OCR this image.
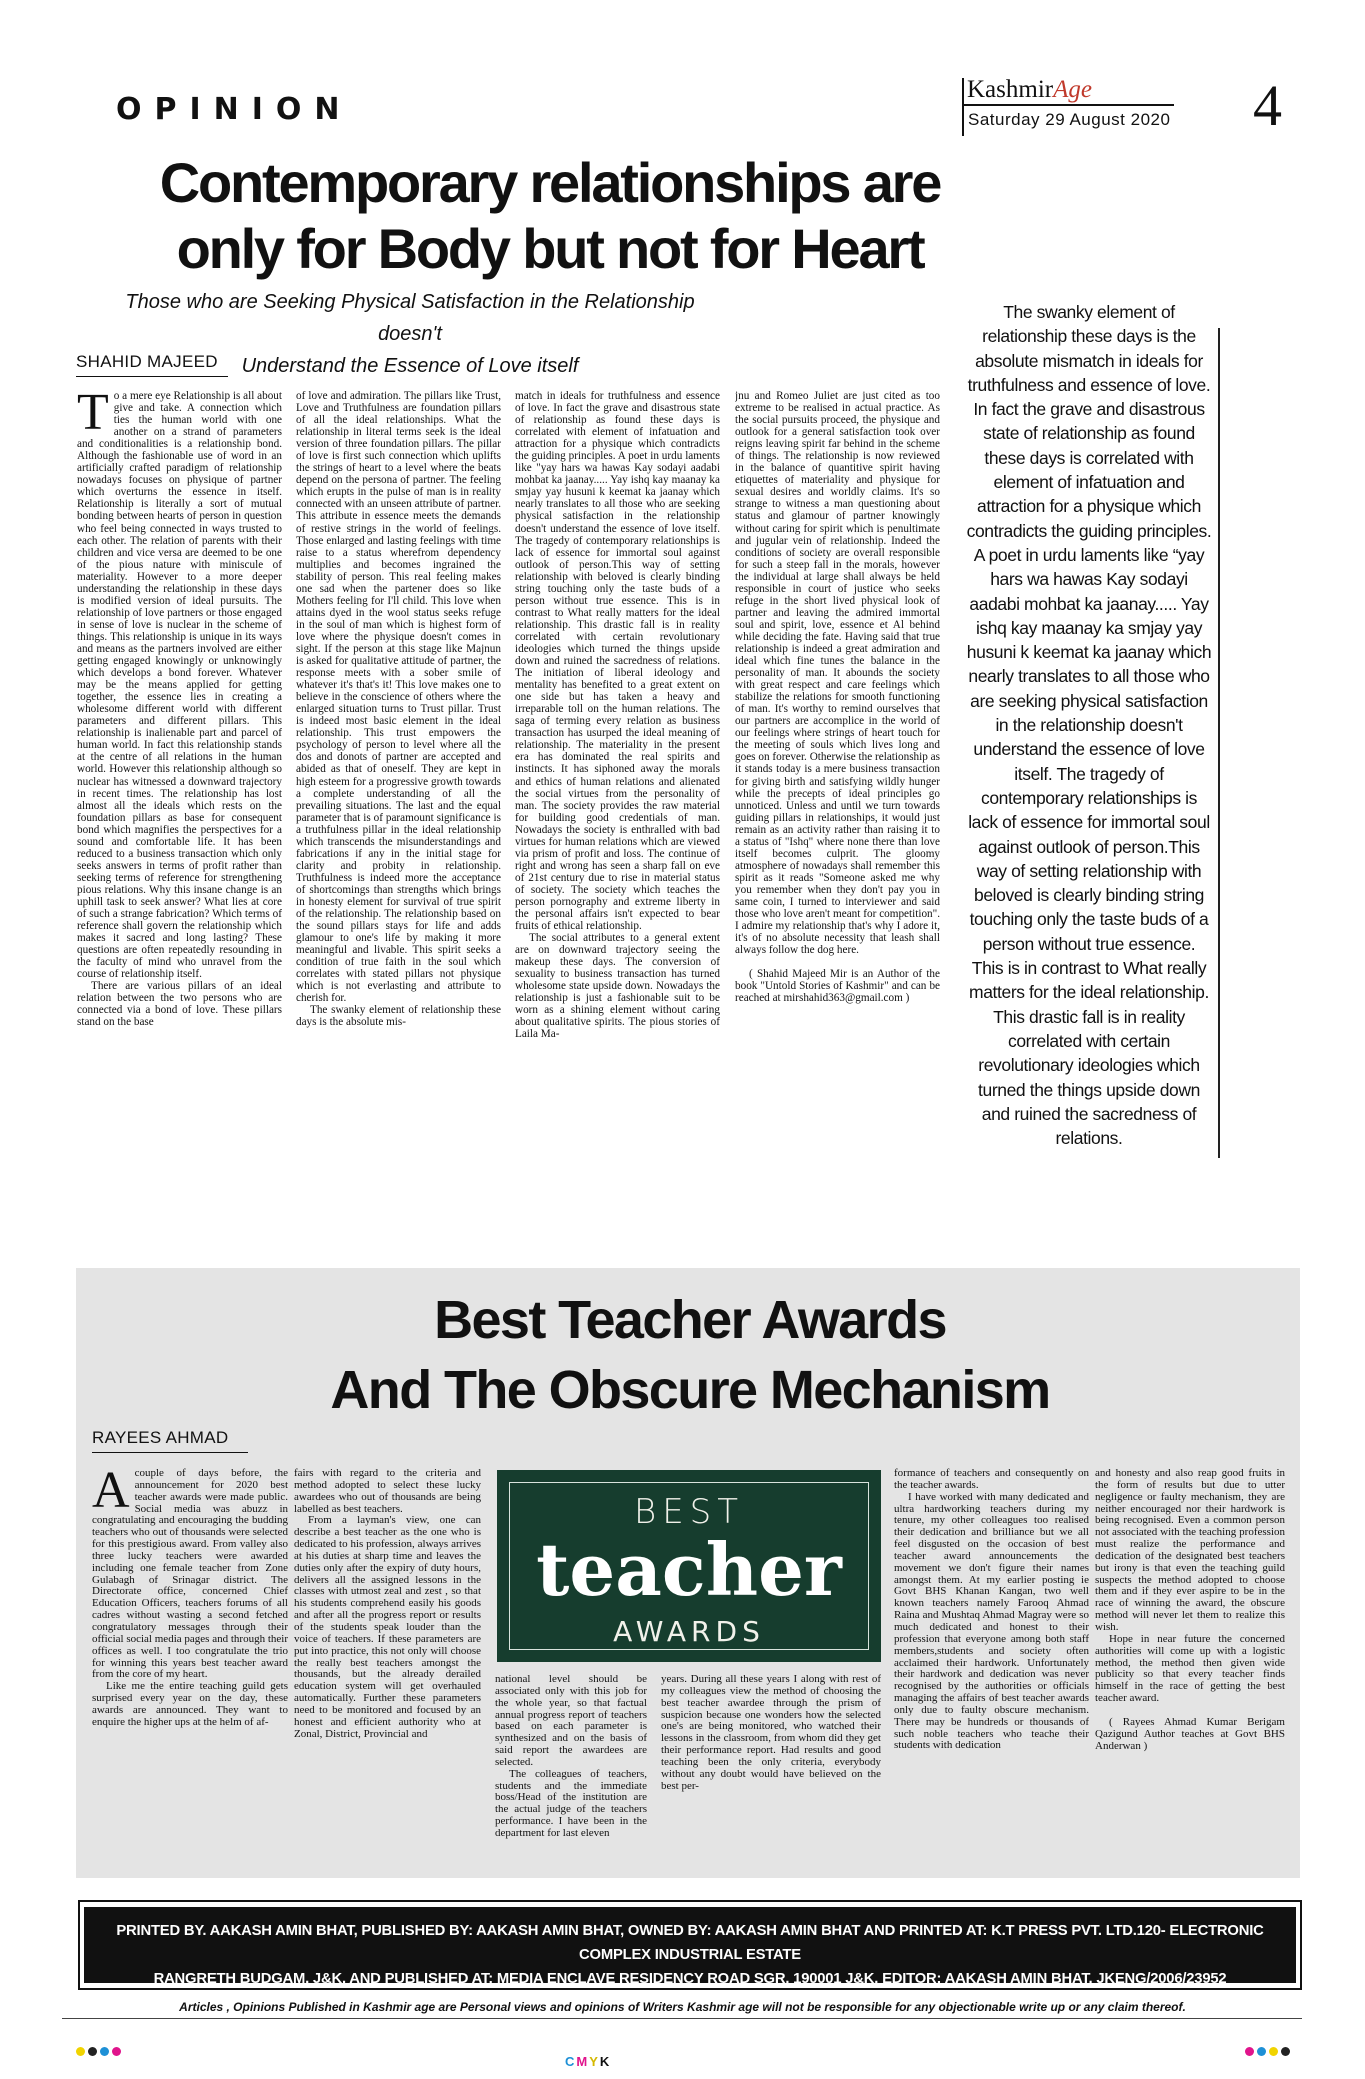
OPINION
KashmirAge
Saturday 29 August 2020 4
Contemporary relationships are
only for Body but not for Heart
Those who are Seeking Physical Satisfaction in the Relationship doesn't
Understand the Essence of Love itself
SHAHID MAJEED
T o a mere eye Relationship is all about give and take. A connection which ties the human world with one another on a strand of parameters and conditionalities is a relationship bond. Although the fashionable use of word in an artificially crafted paradigm of relationship nowadays focuses on physique of partner which overturns the essence in itself. Relationship is literally a sort of mutual bonding between hearts of person in question who feel being connected in ways trusted to each other. The relation of parents with their children and vice versa are deemed to be one of the pious nature with miniscule of materiality. However to a more deeper understanding the relationship in these days is modified version of ideal pursuits. The relationship of love partners or those engaged in sense of love is nuclear in the scheme of things. This relationship is unique in its ways and means as the partners involved are either getting engaged knowingly or unknowingly which develops a bond forever. Whatever may be the means applied for getting together, the essence lies in creating a wholesome different world with different parameters and different pillars. This relationship is inalienable part and parcel of human world. In fact this relationship stands at the centre of all relations in the human world. However this relationship although so nuclear has witnessed a downward trajectory in recent times. The relationship has lost almost all the ideals which rests on the foundation pillars as base for consequent bond which magnifies the perspectives for a sound and comfortable life. It has been reduced to a business transaction which only seeks answers in terms of profit rather than seeking terms of reference for strengthening pious relations. Why this insane change is an uphill task to seek answer? What lies at core of such a strange fabrication? Which terms of reference shall govern the relationship which makes it sacred and long lasting? These questions are often repeatedly resounding in the faculty of mind who unravel from the course of relationship itself.

There are various pillars of an ideal relation between the two persons who are connected via a bond of love. These pillars stand on the base

of love and admiration. The pillars like Trust, Love and Truthfulness are foundation pillars of all the ideal relationships. What the relationship in literal terms seek is the ideal version of three foundation pillars. The pillar of love is first such connection which uplifts the strings of heart to a level where the beats depend on the persona of partner. The feeling which erupts in the pulse of man is in reality connected with an unseen attribute of partner. This attribute in essence meets the demands of restive strings in the world of feelings. Those enlarged and lasting feelings with time raise to a status wherefrom dependency multiplies and becomes ingrained the stability of person. This real feeling makes one sad when the partener does so like Mothers feeling for I'll child. This love when attains dyed in the wool status seeks refuge in the soul of man which is highest form of love where the physique doesn't comes in sight. If the person at this stage like Majnun is asked for qualitative attitude of partner, the response meets with a sober smile of whatever it's that's it! This love makes one to believe in the conscience of others where the enlarged situation turns to Trust pillar. Trust is indeed most basic element in the ideal relationship. This trust empowers the psychology of person to level where all the dos and donots of partner are accepted and abided as that of oneself. They are kept in high esteem for a progressive growth towards a complete understanding of all the prevailing situations. The last and the equal parameter that is of paramount significance is a truthfulness pillar in the ideal relationship which transcends the misunderstandings and fabrications if any in the initial stage for clarity and probity in relationship. Truthfulness is indeed more the acceptance of shortcomings than strengths which brings in honesty element for survival of true spirit of the relationship. The relationship based on the sound pillars stays for life and adds glamour to one's life by making it more meaningful and livable. This spirit seeks a condition of true faith in the soul which correlates with stated pillars not physique which is not everlasting and attribute to cherish for.

The swanky element of relationship these days is the absolute mis-

match in ideals for truthfulness and essence of love. In fact the grave and disastrous state of relationship as found these days is correlated with element of infatuation and attraction for a physique which contradicts the guiding principles. A poet in urdu laments like "yay hars wa hawas Kay sodayi aadabi mohbat ka jaanay..... Yay ishq kay maanay ka smjay yay husuni k keemat ka jaanay which nearly translates to all those who are seeking physical satisfaction in the relationship doesn't understand the essence of love itself. The tragedy of contemporary relationships is lack of essence for immortal soul against outlook of person.This way of setting relationship with beloved is clearly binding string touching only the taste buds of a person without true essence. This is in contrast to What really matters for the ideal relationship. This drastic fall is in reality correlated with certain revolutionary ideologies which turned the things upside down and ruined the sacredness of relations. The initiation of liberal ideology and mentality has benefited to a great extent on one side but has taken a heavy and irreparable toll on the human relations. The saga of terming every relation as business transaction has usurped the ideal meaning of relationship. The materiality in the present era has dominated the real spirits and instincts. It has siphoned away the morals and ethics of human relations and alienated the social virtues from the personality of man. The society provides the raw material for building good credentials of man. Nowadays the society is enthralled with bad virtues for human relations which are viewed via prism of profit and loss. The continue of right and wrong has seen a sharp fall on eve of 21st century due to rise in material status of society. The society which teaches the person pornography and extreme liberty in the personal affairs isn't expected to bear fruits of ethical relationship.

The social attributes to a general extent are on downward trajectory seeing the makeup these days. The conversion of sexuality to business transaction has turned wholesome state upside down. Nowadays the relationship is just a fashionable suit to be worn as a shining element without caring about qualitative spirits. The pious stories of Laila Ma-

jnu and Romeo Juliet are just cited as too extreme to be realised in actual practice. As the social pursuits proceed, the physique and outlook for a general satisfaction took over reigns leaving spirit far behind in the scheme of things. The relationship is now reviewed in the balance of quantitive spirit having etiquettes of materiality and physique for sexual desires and worldly claims. It's so strange to witness a man questioning about status and glamour of partner knowingly without caring for spirit which is penultimate and jugular vein of relationship. Indeed the conditions of society are overall responsible for such a steep fall in the morals, however the individual at large shall always be held responsible in court of justice who seeks refuge in the short lived physical look of partner and leaving the admired immortal soul and spirit, love, essence et Al behind while deciding the fate. Having said that true relationship is indeed a great admiration and ideal which fine tunes the balance in the personality of man. It abounds the society with great respect and care feelings which stabilize the relations for smooth functioning of man. It's worthy to remind ourselves that our partners are accomplice in the world of our feelings where strings of heart touch for the meeting of souls which lives long and goes on forever. Otherwise the relationship as it stands today is a mere business transaction for giving birth and satisfying wildly hunger while the precepts of ideal principles go unnoticed. Unless and until we turn towards guiding pillars in relationships, it would just remain as an activity rather than raising it to a status of "Ishq" where none there than love itself becomes culprit. The gloomy atmosphere of nowadays shall remember this spirit as it reads "Someone asked me why you remember when they don't pay you in same coin, I turned to interviewer and said those who love aren't meant for competition". I admire my relationship that's why I adore it, it's of no absolute necessity that leash shall always follow the dog here.

( Shahid Majeed Mir is an Author of the book "Untold Stories of Kashmir" and can be reached at mirshahid363@gmail.com )

The swanky element of relationship these days is the absolute mismatch in ideals for truthfulness and essence of love. In fact the grave and disastrous state of relationship as found these days is correlated with element of infatuation and attraction for a physique which contradicts the guiding principles. A poet in urdu laments like “yay hars wa hawas Kay sodayi aadabi mohbat ka jaanay..... Yay ishq kay maanay ka smjay yay husuni k keemat ka jaanay which nearly translates to all those who are seeking physical satisfaction in the relationship doesn't understand the essence of love itself. The tragedy of contemporary relationships is lack of essence for immortal soul against outlook of person.This way of setting relationship with beloved is clearly binding string touching only the taste buds of a person without true essence. This is in contrast to What really matters for the ideal relationship. This drastic fall is in reality correlated with certain revolutionary ideologies which turned the things upside down and ruined the sacredness of relations.
Best Teacher Awards
And The Obscure Mechanism
RAYEES AHMAD
A couple of days before, the announcement for 2020 best teacher awards were made public. Social media was abuzz in congratulating and encouraging the budding teachers who out of thousands were selected for this prestigious award. From valley also three lucky teachers were awarded including one female teacher from Zone Gulabagh of Srinagar district. The Directorate office, concerned Chief Education Officers, teachers forums of all cadres without wasting a second fetched congratulatory messages through their official social media pages and through their offices as well. I too congratulate the trio for winning this years best teacher award from the core of my heart.

Like me the entire teaching guild gets surprised every year on the day, these awards are announced. They want to enquire the higher ups at the helm of af-

fairs with regard to the criteria and method adopted to select these lucky awardees who out of thousands are being labelled as best teachers.

From a layman's view, one can describe a best teacher as the one who is dedicated to his profession, always arrives at his duties at sharp time and leaves the duties only after the expiry of duty hours, delivers all the assigned lessons in the classes with utmost zeal and zest , so that his students comprehend easily his goods and after all the progress report or results of the students speak louder than the voice of teachers. If these parameters are put into practice, this not only will choose the really best teachers amongst the thousands, but the already derailed education system will get overhauled automatically. Further these parameters need to be monitored and focused by an honest and efficient authority who at Zonal, District, Provincial and

BEST
teacher
AWARDS

national level should be associated only with this job for the whole year, so that factual annual progress report of teachers based on each parameter is synthesized and on the basis of said report the awardees are selected.

The colleagues of teachers, students and the immediate boss/Head of the institution are the actual judge of the teachers performance. I have been in the department for last eleven

years. During all these years I along with rest of my colleagues view the method of choosing the best teacher awardee through the prism of suspicion because one wonders how the selected one's are being monitored, who watched their lessons in the classroom, from whom did they get their performance report. Had results and good teaching been the only criteria, everybody without any doubt would have believed on the best per-

formance of teachers and consequently on the teacher awards.

I have worked with many dedicated and ultra hardworking teachers during my tenure, my other colleagues too realised their dedication and brilliance but we all feel disgusted on the occasion of best teacher award announcements the movement we don't figure their names amongst them. At my earlier posting ie Govt BHS Khanan Kangan, two well known teachers namely Farooq Ahmad Raina and Mushtaq Ahmad Magray were so much dedicated and honest to their profession that everyone among both staff members,students and society often acclaimed their hardwork. Unfortunately their hardwork and dedication was never recognised by the authorities or officials managing the affairs of best teacher awards only due to faulty obscure mechanism. There may be hundreds or thousands of such noble teachers who teache their students with dedication

and honesty and also reap good fruits in the form of results but due to utter negligence or faulty mechanism, they are neither encouraged nor their hardwork is being recognised. Even a common person not associated with the teaching profession must realize the performance and dedication of the designated best teachers but irony is that even the teaching guild suspects the method adopted to choose them and if they ever aspire to be in the race of winning the award, the obscure method will never let them to realize this wish.

Hope in near future the concerned authorities will come up with a logistic method, the method then given wide publicity so that every teacher finds himself in the race of getting the best teacher award.

( Rayees Ahmad Kumar Berigam Qazigund Author teaches at Govt BHS Anderwan )

PRINTED BY. AAKASH AMIN BHAT, PUBLISHED BY: AAKASH AMIN BHAT, OWNED BY: AAKASH AMIN BHAT AND PRINTED AT: K.T PRESS PVT. LTD.120- ELECTRONIC COMPLEX INDUSTRIAL ESTATE
RANGRETH BUDGAM, J&K. AND PUBLISHED AT: MEDIA ENCLAVE RESIDENCY ROAD SGR. 190001 J&K. EDITOR: AAKASH AMIN BHAT, JKENG/2006/23952
Articles , Opinions Published in Kashmir age are Personal views and opinions of Writers Kashmir age will not be responsible for any objectionable write up or any claim thereof.
CMYK
